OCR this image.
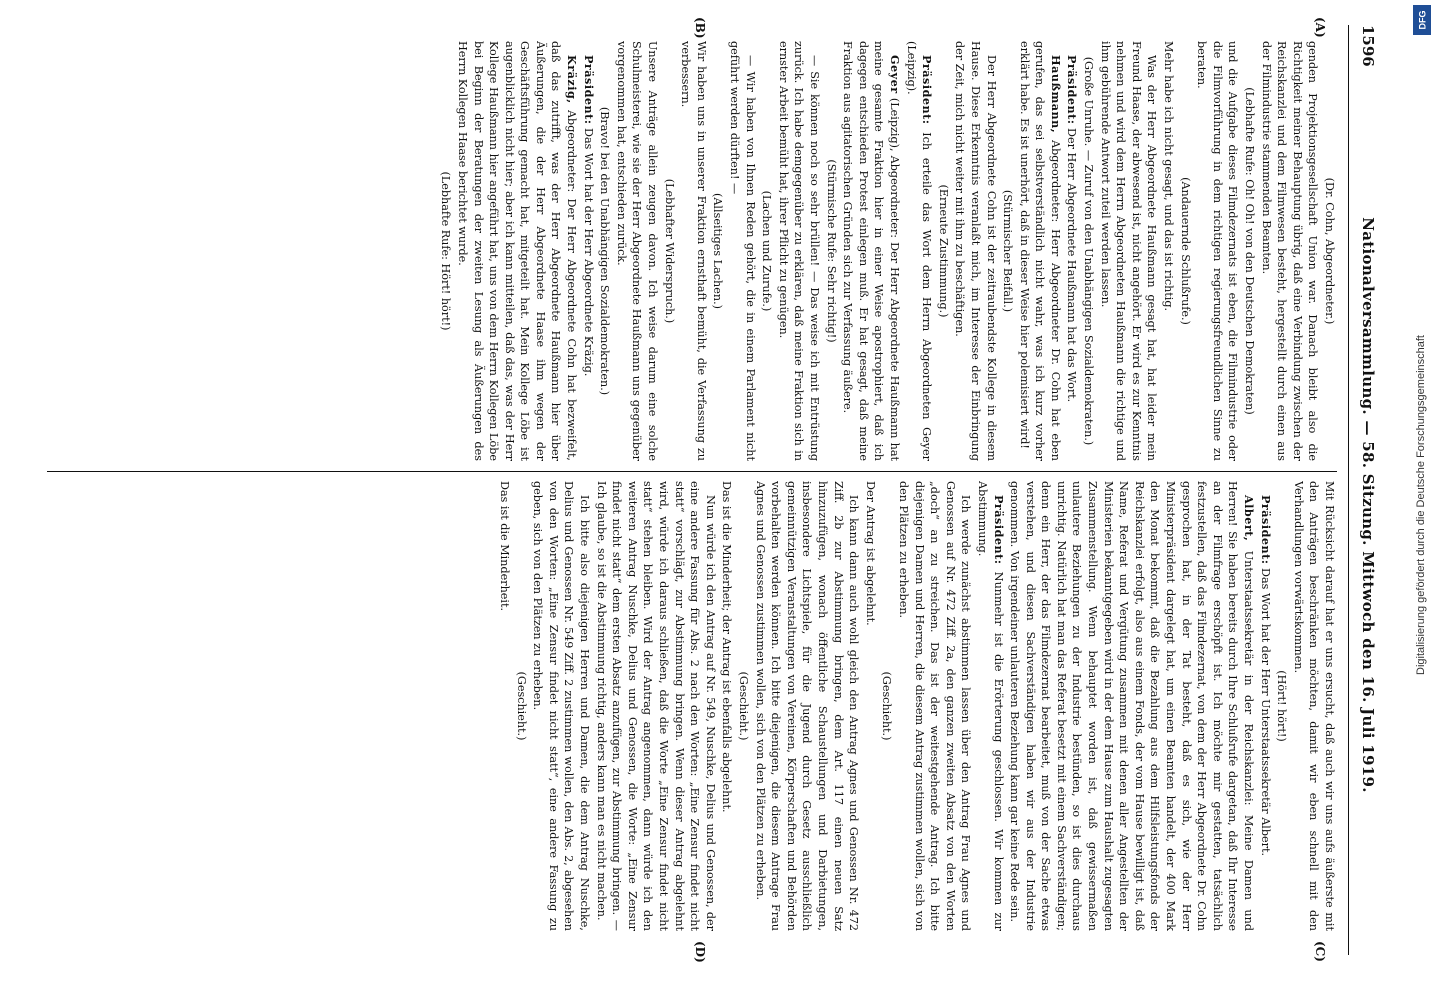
1596
Nationalversammlung. — 58. Sitzung. Mittwoch den 16. Juli 1919.
(A)
(B)
(C)
(D)

(Dr. Cohn, Abgeordneter.)

genden Projektionsgesellschaft Union war. Danach bleibt also die Richtigkeit meiner Behauptung übrig, daß eine Verbindung zwischen der Reichskanzlei und dem Filmwesen besteht, hergestellt durch einen aus der Filmindustrie stammenden Beamten.

(Lebhafte Rufe: Oh! Oh! von den Deutschen Demokraten)

und die Aufgabe dieses Filmdezernats ist eben, die Filmindustrie oder die Filmvorführung in dem richtigen regierungsfreundlichen Sinne zu beraten.

(Andauernde Schlußrufe.)

Mehr habe ich nicht gesagt, und das ist richtig.

Was der Herr Abgeordnete Haußmann gesagt hat, hat leider mein Freund Haase, der abwesend ist, nicht angehört. Er wird es zur Kenntnis nehmen und wird dem Herrn Abgeordneten Haußmann die richtige und ihm gebührende Antwort zuteil werden lassen.

(Große Unruhe. — Zuruf von den Unabhängigen Sozialdemokraten.)

Präsident: Der Herr Abgeordnete Haußmann hat das Wort.

Haußmann, Abgeordneter: Herr Abgeordneter Dr. Cohn hat eben gerufen, das sei selbstverständlich nicht wahr, was ich kurz vorher erklärt habe. Es ist unerhört, daß in dieser Weise hier polemisiert wird!

(Stürmischer Beifall.)

Der Herr Abgeordnete Cohn ist der zeitraubendste Kollege in diesem Hause. Diese Erkenntnis veranlaßt mich, im Interesse der Einbringung der Zeit, mich nicht weiter mit ihm zu beschäftigen.

(Erneute Zustimmung.)

Präsident: Ich erteile das Wort dem Herrn Abgeordneten Geyer (Leipzig).

Geyer (Leipzig), Abgeordneter: Der Herr Abgeordnete Haußmann hat meine gesamte Fraktion hier in einer Weise apostrophiert, daß ich dagegen entschieden Protest einlegen muß. Er hat gesagt, daß meine Fraktion aus agitatorischen Gründen sich zur Verfassung äußere.

(Stürmische Rufe: Sehr richtig!)

— Sie können noch so sehr brüllen! — Das weise ich mit Entrüstung zurück. Ich habe demgegenüber zu erklären, daß meine Fraktion sich in ernster Arbeit bemüht hat, ihrer Pflicht zu genügen.

(Lachen und Zurufe.)

— Wir haben von Ihnen Reden gehört, die in einem Parlament nicht geführt werden dürften! —

(Allseitiges Lachen.)

Wir haben uns in unserer Fraktion ernsthaft bemüht, die Verfassung zu verbessern.

(Lebhafter Widerspruch.)

Unsere Anträge allein zeugen davon. Ich weise darum eine solche Schulmeisterei, wie sie der Herr Abgeordnete Haußmann uns gegenüber vorgenommen hat, entschieden zurück.

(Bravo! bei den Unabhängigen Sozialdemokraten.)

Präsident: Das Wort hat der Herr Abgeordnete Kräzig.

Kräzig, Abgeordneter: Der Herr Abgeordnete Cohn hat bezweifelt, daß das zutrifft, was der Herr Abgeordnete Haußmann hier über Äußerungen, die der Herr Abgeordnete Haase ihm wegen der Geschäftsführung gemacht hat, mitgeteilt hat. Mein Kollege Löbe ist augenblicklich nicht hier; aber ich kann mitteilen, daß das, was der Herr Kollege Haußmann hier angeführt hat, uns von dem Herrn Kollegen Löbe bei Beginn der Beratungen der zweiten Lesung als Äußerungen des Herrn Kollegen Haase berichtet wurde.

(Lebhafte Rufe: Hört! hört!)

Mit Rücksicht darauf hat er uns ersucht, daß auch wir uns aufs äußerste mit den Anträgen beschränken möchten, damit wir eben schnell mit den Verhandlungen vorwärtskommen.

(Hört! hört!)

Präsident: Das Wort hat der Herr Unterstaatssekretär Albert.

Albert, Unterstaatssekretär in der Reichskanzlei: Meine Damen und Herren! Sie haben bereits durch Ihre Schlußrufe dargetan, daß Ihr Interesse an der Filmfrage erschöpft ist. Ich möchte mir gestatten, tatsächlich festzustellen, daß das Filmdezernat, von dem der Herr Abgeordnete Dr. Cohn gesprochen hat, in der Tat besteht, daß es sich, wie der Herr Ministerpräsident dargelegt hat, um einen Beamten handelt, der 400 Mark den Monat bekommt, daß die Bezahlung aus dem Hilfsleistungsfonds der Reichskanzlei erfolgt, also aus einem Fonds, der vom Hause bewilligt ist, daß Name, Referat und Vergütung zusammen mit denen aller Angestellten der Ministerien bekanntgegeben wird in der dem Hause zum Haushalt zugesagten Zusammenstellung. Wenn behauptet worden ist, daß gewissermaßen unlautere Beziehungen zu der Industrie bestünden, so ist dies durchaus unrichtig. Natürlich hat man das Referat besetzt mit einem Sachverständigen; denn ein Herr, der das Filmdezernat bearbeitet, muß von der Sache etwas verstehen, und diesen Sachverständigen haben wir aus der Industrie genommen. Von irgendeiner unlauteren Beziehung kann gar keine Rede sein.

Präsident: Nunmehr ist die Erörterung geschlossen. Wir kommen zur Abstimmung.

Ich werde zunächst abstimmen lassen über den Antrag Frau Agnes und Genossen auf Nr. 472 Ziff. 2a, den ganzen zweiten Absatz von den Worten „doch“ an zu streichen. Das ist der weitestgehende Antrag. Ich bitte diejenigen Damen und Herren, die diesem Antrag zustimmen wollen, sich von den Plätzen zu erheben.

(Geschieht.)

Der Antrag ist abgelehnt.

Ich kann dann auch wohl gleich den Antrag Agnes und Genossen Nr. 472 Ziff. 2b zur Abstimmung bringen, dem Art. 117 einen neuen Satz hinzuzufügen, wonach öffentliche Schaustellungen und Darbietungen, insbesondere Lichtspiele, für die Jugend durch Gesetz ausschließlich gemeinnützigen Veranstaltungen von Vereinen, Körperschaften und Behörden vorbehalten werden können. Ich bitte diejenigen, die diesem Antrage Frau Agnes und Genossen zustimmen wollen, sich von den Plätzen zu erheben.

(Geschieht.)

Das ist die Minderheit; der Antrag ist ebenfalls abgelehnt.

Nun würde ich den Antrag auf Nr. 549, Nuschke, Delius und Genossen, der eine andere Fassung für Abs. 2 nach den Worten: „Eine Zensur findet nicht statt“ vorschlägt, zur Abstimmung bringen. Wenn dieser Antrag abgelehnt wird, würde ich daraus schließen, daß die Worte „Eine Zensur findet nicht statt“ stehen bleiben. Wird der Antrag angenommen, dann würde ich den weiteren Antrag Nuschke, Delius und Genossen, die Worte: „Eine Zensur findet nicht statt“ dem ersten Absatz anzufügen, zur Abstimmung bringen. — Ich glaube, so ist die Abstimmung richtig, anders kann man es nicht machen.

Ich bitte also diejenigen Herren und Damen, die dem Antrag Nuschke, Delius und Genossen Nr. 549 Ziff. 2 zustimmen wollen, den Abs. 2, abgesehen von den Worten: „Eine Zensur findet nicht statt“, eine andere Fassung zu geben, sich von den Plätzen zu erheben.

(Geschieht.)

Das ist die Minderheit.

DFG
Digitalisierung gefördert durch die Deutsche Forschungsgemeinschaft
